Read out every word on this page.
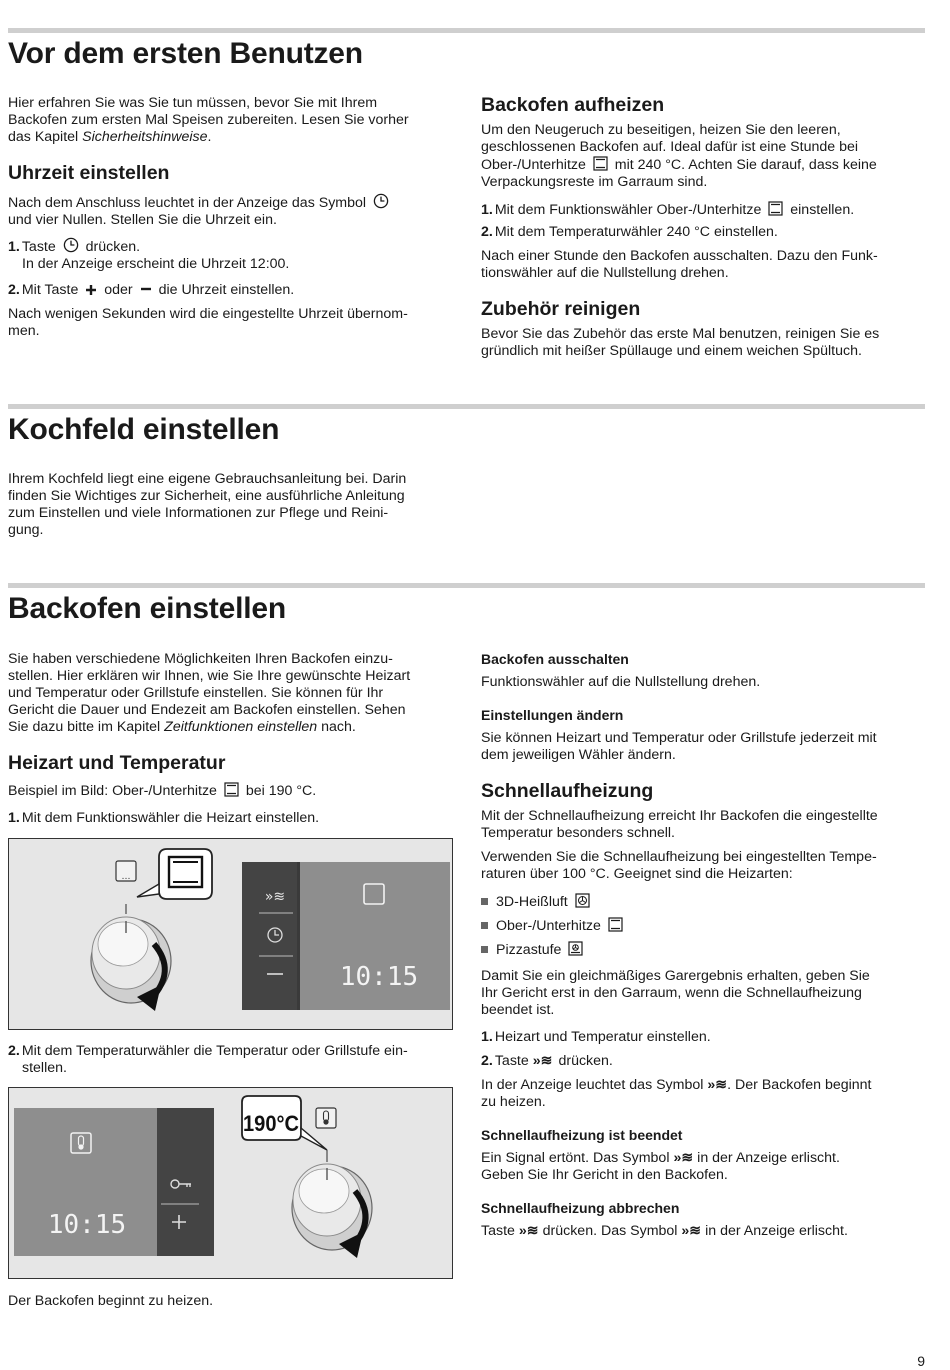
Vor dem ersten Benutzen

Hier erfahren Sie was Sie tun müssen, bevor Sie mit Ihrem
Backofen zum ersten Mal Speisen zubereiten. Lesen Sie vorher
das Kapitel Sicherheitshinweise.

Uhrzeit einstellen

Nach dem Anschluss leuchtet in der Anzeige das Symbol
und vier Nullen. Stellen Sie die Uhrzeit ein.

1. Taste drücken.
In der Anzeige erscheint die Uhrzeit 12:00.
2. Mit Taste oder die Uhrzeit einstellen.

Nach wenigen Sekunden wird die eingestellte Uhrzeit übernom-
men.

Backofen aufheizen

Um den Neugeruch zu beseitigen, heizen Sie den leeren,
geschlossenen Backofen auf. Ideal dafür ist eine Stunde bei
Ober-/Unterhitze mit 240 °C. Achten Sie darauf, dass keine
Verpackungsreste im Garraum sind.

1. Mit dem Funktionswähler Ober-/Unterhitze einstellen.
2. Mit dem Temperaturwähler 240 °C einstellen.

Nach einer Stunde den Backofen ausschalten. Dazu den Funk-
tionswähler auf die Nullstellung drehen.

Zubehör reinigen

Bevor Sie das Zubehör das erste Mal benutzen, reinigen Sie es
gründlich mit heißer Spüllauge und einem weichen Spültuch.

Kochfeld einstellen

Ihrem Kochfeld liegt eine eigene Gebrauchsanleitung bei. Darin
finden Sie Wichtiges zur Sicherheit, eine ausführliche Anleitung
zum Einstellen und viele Informationen zur Pflege und Reini-
gung.

Backofen einstellen

Sie haben verschiedene Möglichkeiten Ihren Backofen einzu-
stellen. Hier erklären wir Ihnen, wie Sie Ihre gewünschte Heizart
und Temperatur oder Grillstufe einstellen. Sie können für Ihr
Gericht die Dauer und Endezeit am Backofen einstellen. Sehen
Sie dazu bitte im Kapitel Zeitfunktionen einstellen nach.

Heizart und Temperatur

Beispiel im Bild: Ober-/Unterhitze bei 190 °C.

1. Mit dem Funktionswähler die Heizart einstellen.
…
»≋
10:15
2. Mit dem Temperaturwähler die Temperatur oder Grillstufe ein-
stellen.
10:15
190°C

Der Backofen beginnt zu heizen.

Backofen ausschalten

Funktionswähler auf die Nullstellung drehen.

Einstellungen ändern

Sie können Heizart und Temperatur oder Grillstufe jederzeit mit
dem jeweiligen Wähler ändern.

Schnellaufheizung

Mit der Schnellaufheizung erreicht Ihr Backofen die eingestellte
Temperatur besonders schnell.

Verwenden Sie die Schnellaufheizung bei eingestellten Tempe-
raturen über 100 °C. Geeignet sind die Heizarten:

3D-Heißluft
Ober-/Unterhitze
Pizzastufe

Damit Sie ein gleichmäßiges Garergebnis erhalten, geben Sie
Ihr Gericht erst in den Garraum, wenn die Schnellaufheizung
beendet ist.

1. Heizart und Temperatur einstellen.
2. Taste »≋ drücken.

In der Anzeige leuchtet das Symbol »≋. Der Backofen beginnt
zu heizen.

Schnellaufheizung ist beendet

Ein Signal ertönt. Das Symbol »≋ in der Anzeige erlischt.
Geben Sie Ihr Gericht in den Backofen.

Schnellaufheizung abbrechen

Taste »≋ drücken. Das Symbol »≋ in der Anzeige erlischt.

9
